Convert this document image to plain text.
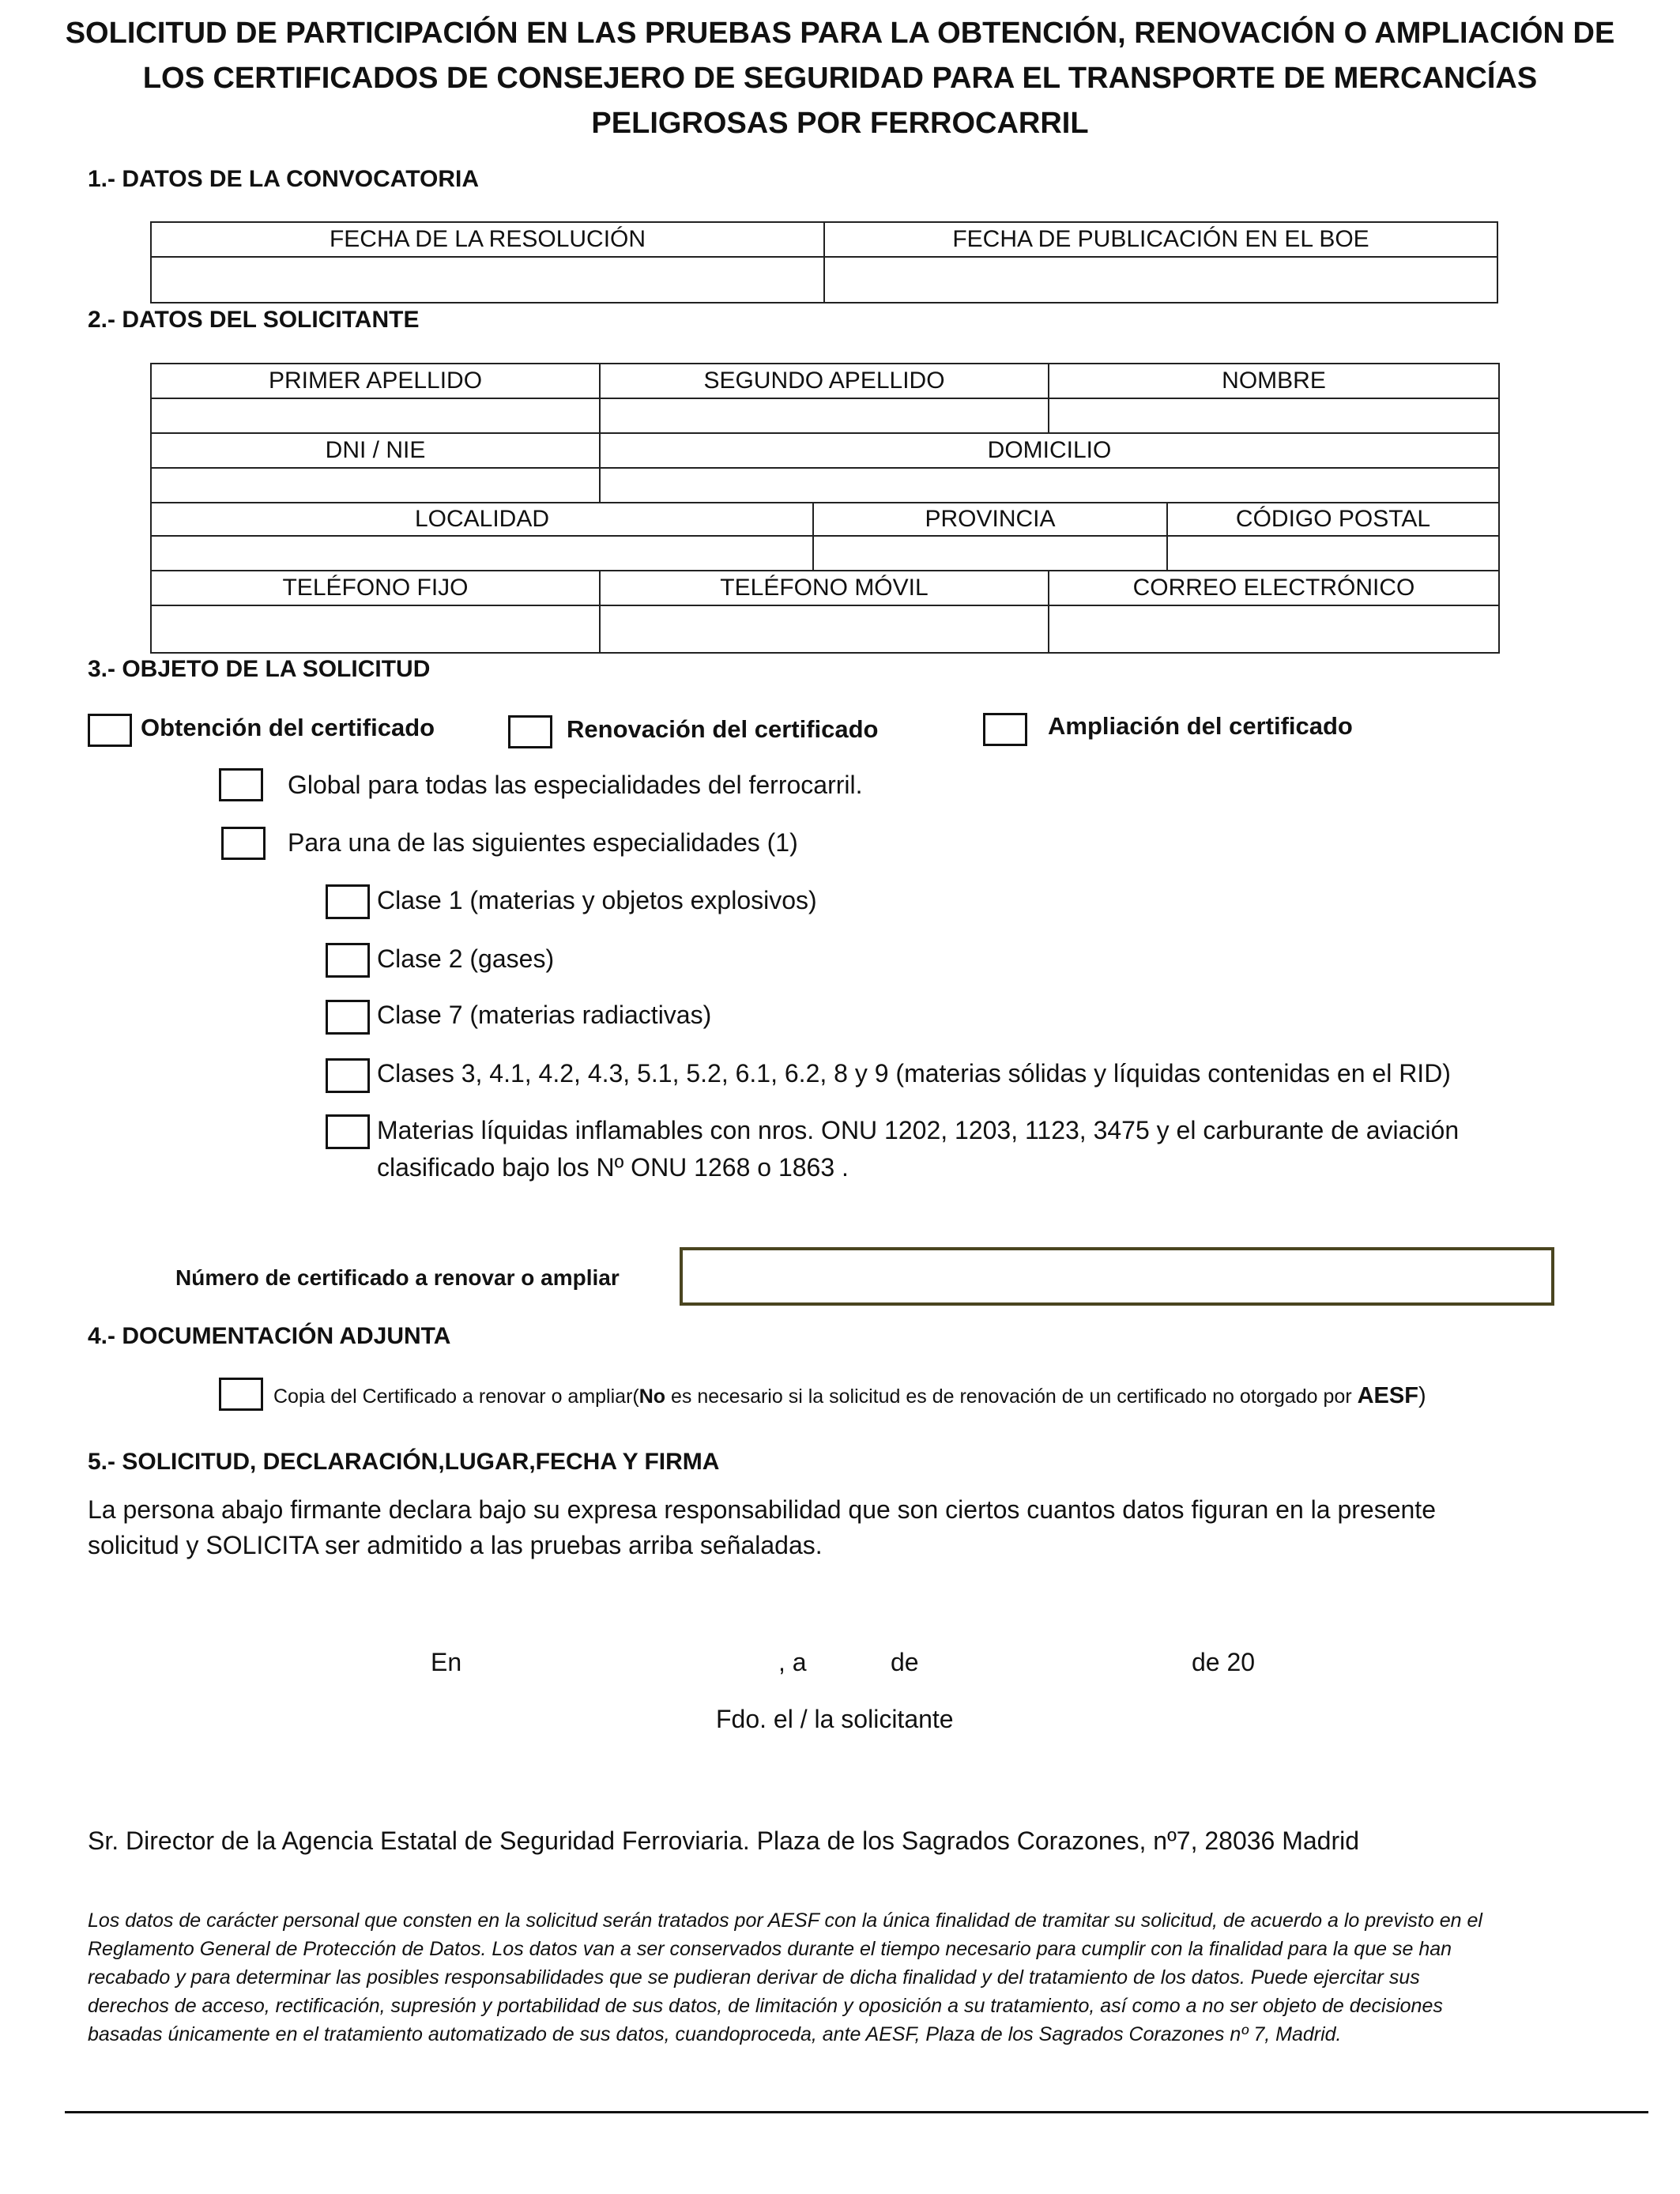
SOLICITUD DE PARTICIPACIÓN EN LAS PRUEBAS PARA LA OBTENCIÓN, RENOVACIÓN O AMPLIACIÓN DE
LOS CERTIFICADOS DE CONSEJERO DE SEGURIDAD PARA EL TRANSPORTE DE MERCANCÍAS
PELIGROSAS POR FERROCARRIL
1.- DATOS DE LA CONVOCATORIA
FECHA DE LA RESOLUCIÓN	FECHA DE PUBLICACIÓN EN EL BOE

2.- DATOS DEL SOLICITANTE
PRIMER APELLIDO	SEGUNDO APELLIDO	NOMBRE

DNI / NIE	DOMICILIO

LOCALIDAD	PROVINCIA	CÓDIGO POSTAL

TELÉFONO FIJO	TELÉFONO MÓVIL	CORREO ELECTRÓNICO

3.- OBJETO DE LA SOLICITUD
Obtención del certificado	Renovación del certificado	Ampliación del certificado
Global para todas las especialidades del ferrocarril.
Para una de las siguientes especialidades (1)
Clase 1 (materias y objetos explosivos)
Clase 2 (gases)
Clase 7 (materias radiactivas)
Clases 3, 4.1, 4.2, 4.3, 5.1, 5.2, 6.1, 6.2, 8 y 9 (materias sólidas y líquidas contenidas en el RID)
Materias líquidas inflamables con nros. ONU 1202, 1203, 1123, 3475 y el carburante de aviación
clasificado bajo los Nº ONU 1268 o 1863 .
Número de certificado a renovar o ampliar
4.- DOCUMENTACIÓN ADJUNTA
Copia del Certificado a renovar o ampliar(No es necesario si la solicitud es de renovación de un certificado no otorgado por AESF)
5.- SOLICITUD, DECLARACIÓN,LUGAR,FECHA Y FIRMA
La persona abajo firmante declara bajo su expresa responsabilidad que son ciertos cuantos datos figuran en la presente
solicitud y SOLICITA ser admitido a las pruebas arriba señaladas.
En	, a	de	de 20
Fdo. el / la solicitante
Sr. Director de la Agencia Estatal de Seguridad Ferroviaria. Plaza de los Sagrados Corazones, nº7, 28036 Madrid
Los datos de carácter personal que consten en la solicitud serán tratados por AESF con la única finalidad de tramitar su solicitud, de acuerdo a lo previsto en el
Reglamento General de Protección de Datos. Los datos van a ser conservados durante el tiempo necesario para cumplir con la finalidad para la que se han
recabado y para determinar las posibles responsabilidades que se pudieran derivar de dicha finalidad y del tratamiento de los datos. Puede ejercitar sus
derechos de acceso, rectificación, supresión y portabilidad de sus datos, de limitación y oposición a su tratamiento, así como a no ser objeto de decisiones
basadas únicamente en el tratamiento automatizado de sus datos, cuandoproceda, ante AESF, Plaza de los Sagrados Corazones nº 7, Madrid.
